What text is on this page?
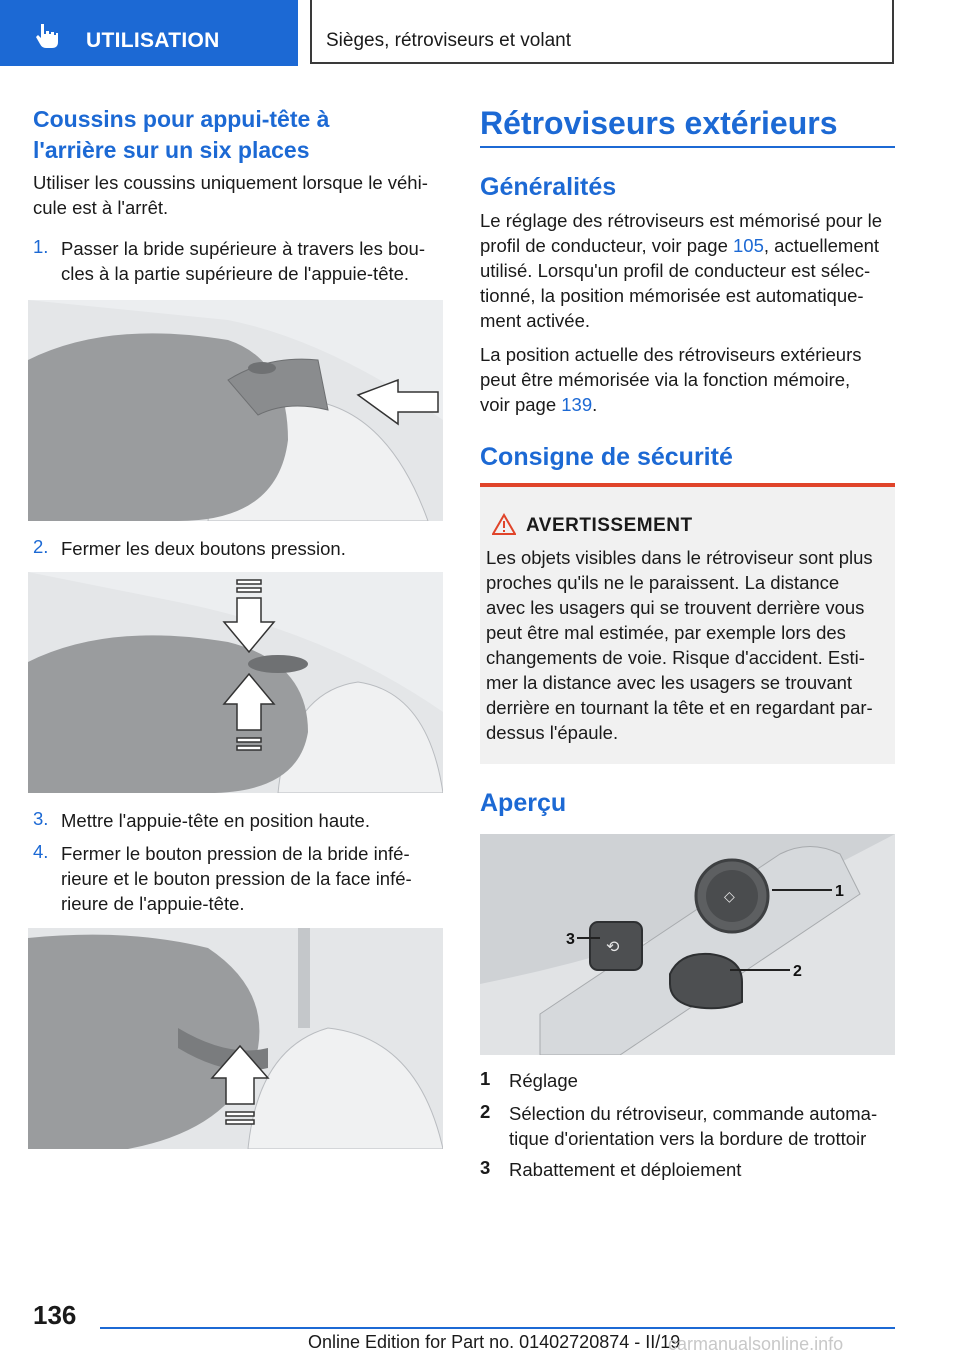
UTILISATION	Sièges, rétroviseurs et volant
Coussins pour appui-tête à
l'arrière sur un six places
Utiliser les coussins uniquement lorsque le véhi‐
cule est à l'arrêt.
1. Passer la bride supérieure à travers les bou‐
cles à la partie supérieure de l'appuie-tête.
2. Fermer les deux boutons pression.
3. Mettre l'appuie-tête en position haute.
4. Fermer le bouton pression de la bride infé‐
rieure et le bouton pression de la face infé‐
rieure de l'appuie-tête.
Rétroviseurs extérieurs
Généralités
Le réglage des rétroviseurs est mémorisé pour le
profil de conducteur, voir page 105, actuellement
utilisé. Lorsqu'un profil de conducteur est sélec‐
tionné, la position mémorisée est automatique‐
ment activée.
La position actuelle des rétroviseurs extérieurs
peut être mémorisée via la fonction mémoire,
voir page 139.
Consigne de sécurité
AVERTISSEMENT
Les objets visibles dans le rétroviseur sont plus
proches qu'ils ne le paraissent. La distance
avec les usagers qui se trouvent derrière vous
peut être mal estimée, par exemple lors des
changements de voie. Risque d'accident. Esti‐
mer la distance avec les usagers se trouvant
derrière en tournant la tête et en regardant par-
dessus l'épaule.
Aperçu
◇
⟲
1
3
2
1 Réglage
2 Sélection du rétroviseur, commande automa‐
tique d'orientation vers la bordure de trottoir
3 Rabattement et déploiement
136
Online Edition for Part no. 01402720874 - II/19
carmanualsonline.info
